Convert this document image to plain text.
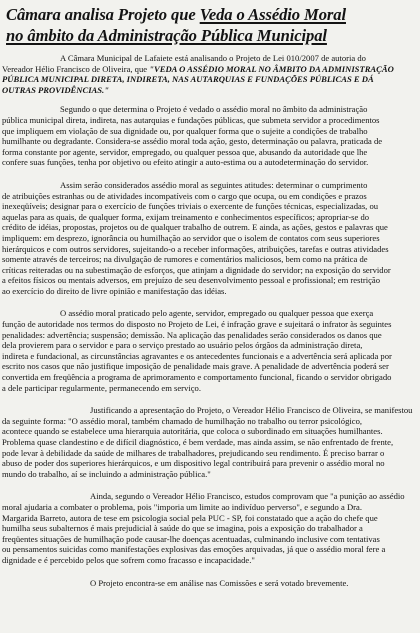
Câmara analisa Projeto que Veda o Assédio Moral
no âmbito da Administração Pública Municipal
A Câmara Municipal de Lafaiete está analisando o Projeto de Lei 010/2007 de autoria do
Vereador Hélio Francisco de Oliveira, que "VEDA O ASSÉDIO MORAL NO ÂMBITO DA ADMINISTRAÇÃO
PÚBLICA MUNICIPAL DIRETA, INDIRETA, NAS AUTARQUIAS E FUNDAÇÕES PÚBLICAS E DÁ
OUTRAS PROVIDÊNCIAS."
Segundo o que determina o Projeto é vedado o assédio moral no âmbito da administração
pública municipal direta, indireta, nas autarquias e fundações públicas, que submeta servidor a procedimentos
que impliquem em violação de sua dignidade ou, por qualquer forma que o sujeite a condições de trabalho
humilhante ou degradante. Considera-se assédio moral toda ação, gesto, determinação ou palavra, praticada de
forma constante por agente, servidor, empregado, ou qualquer pessoa que, abusando da autoridade que lhe
confere suas funções, tenha por objetivo ou efeito atingir a auto-estima ou a autodeterminação do servidor.
Assim serão considerados assédio moral as seguintes atitudes: determinar o cumprimento
de atribuições estranhas ou de atividades incompatíveis com o cargo que ocupa, ou em condições e prazos
inexeqüíveis; designar para o exercício de funções triviais o exercente de funções técnicas, especializadas, ou
aquelas para as quais, de qualquer forma, exijam treinamento e conhecimentos específicos; apropriar-se do
crédito de idéias, propostas, projetos ou de qualquer trabalho de outrem. E ainda, as ações, gestos e palavras que
impliquem: em desprezo, ignorância ou humilhação ao servidor que o isolem de contatos com seus superiores
hierárquicos e com outros servidores, sujeitando-o a receber informações, atribuições, tarefas e outras atividades
somente através de terceiros; na divulgação de rumores e comentários maliciosos, bem como na prática de
críticas reiteradas ou na subestimação de esforços, que atinjam a dignidade do servidor; na exposição do servidor
a efeitos físicos ou mentais adversos, em prejuízo de seu desenvolvimento pessoal e profissional; em restrição
ao exercício do direito de livre opinião e manifestação das idéias.
O assédio moral praticado pelo agente, servidor, empregado ou qualquer pessoa que exerça
função de autoridade nos termos do disposto no Projeto de Lei, é infração grave e sujeitará o infrator às seguintes
penalidades: advertência; suspensão; demissão. Na aplicação das penalidades serão considerados os danos que
dela provierem para o servidor e para o serviço prestado ao usuário pelos órgãos da administração direta,
indireta e fundacional, as circunstâncias agravantes e os antecedentes funcionais e a advertência será aplicada por
escrito nos casos que não justifique imposição de penalidade mais grave. A penalidade de advertência poderá ser
convertida em freqüência a programa de aprimoramento e comportamento funcional, ficando o servidor obrigado
a dele participar regularmente, permanecendo em serviço.
Justificando a apresentação do Projeto, o Vereador Hélio Francisco de Oliveira, se manifestou
da seguinte forma: "O assédio moral, também chamado de humilhação no trabalho ou terror psicológico,
acontece quando se estabelece uma hierarquia autoritária, que coloca o subordinado em situações humilhantes.
Problema quase clandestino e de difícil diagnóstico, é bem verdade, mas ainda assim, se não enfrentado de frente,
pode levar à debilidade da saúde de milhares de trabalhadores, prejudicando seu rendimento. É preciso barrar o
abuso de poder dos superiores hierárquicos, e um dispositivo legal contribuirá para prevenir o assédio moral no
mundo do trabalho, aí se incluindo a administração pública."
Ainda, segundo o Vereador Hélio Francisco, estudos comprovam que "a punição ao assédio
moral ajudaria a combater o problema, pois "imporia um limite ao indivíduo perverso", e segundo a Dra.
Margarida Barreto, autora de tese em psicologia social pela PUC - SP, foi constatado que a ação do chefe que
humilha seus subalternos é mais prejudicial à saúde do que se imagina, pois a exposição do trabalhador a
freqüentes situações de humilhação pode causar-lhe doenças acentuadas, culminando inclusive com tentativas
ou pensamentos suicidas como manifestações explosivas das emoções arquivadas, já que o assédio moral fere a
dignidade e é percebido pelos que sofrem como fracasso e incapacidade."
O Projeto encontra-se em análise nas Comissões e será votado brevemente.
